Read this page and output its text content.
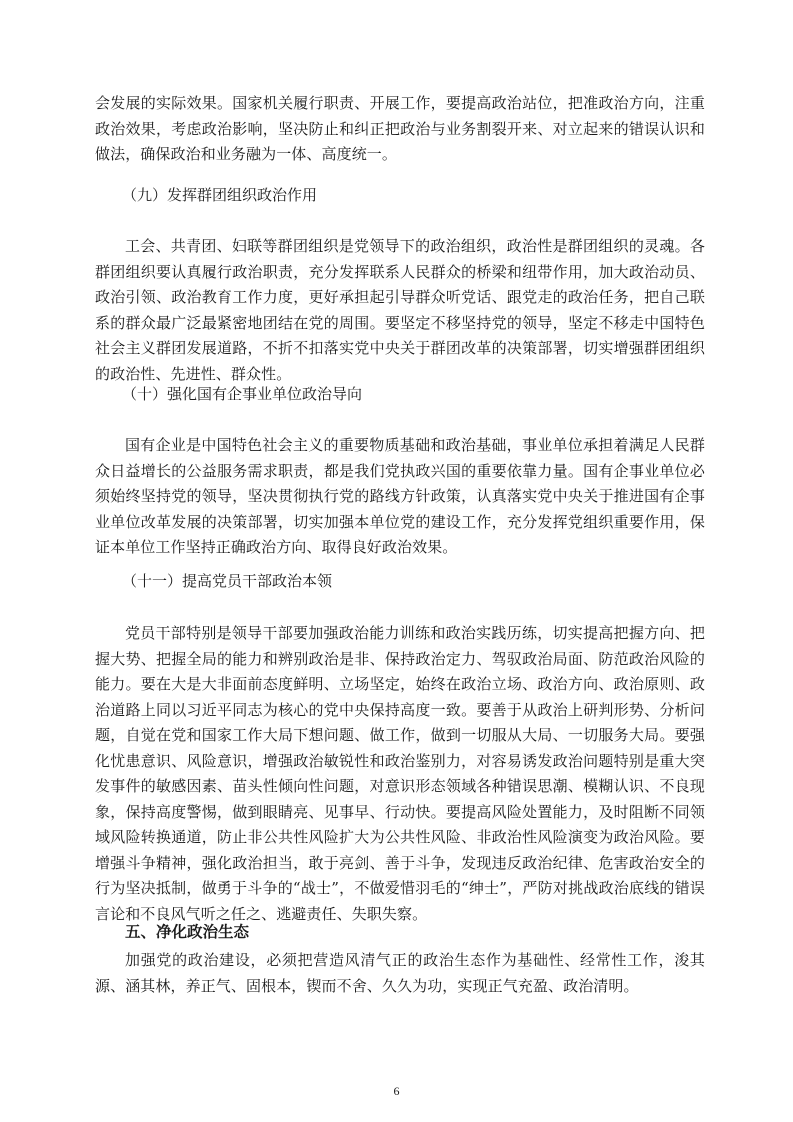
会发展的实际效果。国家机关履行职责、开展工作，要提高政治站位，把准政治方向，注重政治效果，考虑政治影响，坚决防止和纠正把政治与业务割裂开来、对立起来的错误认识和做法，确保政治和业务融为一体、高度统一。

（九）发挥群团组织政治作用

工会、共青团、妇联等群团组织是党领导下的政治组织，政治性是群团组织的灵魂。各群团组织要认真履行政治职责，充分发挥联系人民群众的桥梁和纽带作用，加大政治动员、政治引领、政治教育工作力度，更好承担起引导群众听党话、跟党走的政治任务，把自己联系的群众最广泛最紧密地团结在党的周围。要坚定不移坚持党的领导，坚定不移走中国特色社会主义群团发展道路，不折不扣落实党中央关于群团改革的决策部署，切实增强群团组织的政治性、先进性、群众性。

（十）强化国有企事业单位政治导向

国有企业是中国特色社会主义的重要物质基础和政治基础，事业单位承担着满足人民群众日益增长的公益服务需求职责，都是我们党执政兴国的重要依靠力量。国有企事业单位必须始终坚持党的领导，坚决贯彻执行党的路线方针政策，认真落实党中央关于推进国有企事业单位改革发展的决策部署，切实加强本单位党的建设工作，充分发挥党组织重要作用，保证本单位工作坚持正确政治方向、取得良好政治效果。

（十一）提高党员干部政治本领

党员干部特别是领导干部要加强政治能力训练和政治实践历练，切实提高把握方向、把握大势、把握全局的能力和辨别政治是非、保持政治定力、驾驭政治局面、防范政治风险的能力。要在大是大非面前态度鲜明、立场坚定，始终在政治立场、政治方向、政治原则、政治道路上同以习近平同志为核心的党中央保持高度一致。要善于从政治上研判形势、分析问题，自觉在党和国家工作大局下想问题、做工作，做到一切服从大局、一切服务大局。要强化忧患意识、风险意识，增强政治敏锐性和政治鉴别力，对容易诱发政治问题特别是重大突发事件的敏感因素、苗头性倾向性问题，对意识形态领域各种错误思潮、模糊认识、不良现象，保持高度警惕，做到眼睛亮、见事早、行动快。要提高风险处置能力，及时阻断不同领域风险转换通道，防止非公共性风险扩大为公共性风险、非政治性风险演变为政治风险。要增强斗争精神，强化政治担当，敢于亮剑、善于斗争，发现违反政治纪律、危害政治安全的行为坚决抵制，做勇于斗争的“战士”，不做爱惜羽毛的“绅士”，严防对挑战政治底线的错误言论和不良风气听之任之、逃避责任、失职失察。

五、净化政治生态

加强党的政治建设，必须把营造风清气正的政治生态作为基础性、经常性工作，浚其源、涵其林，养正气、固根本，锲而不舍、久久为功，实现正气充盈、政治清明。

6
